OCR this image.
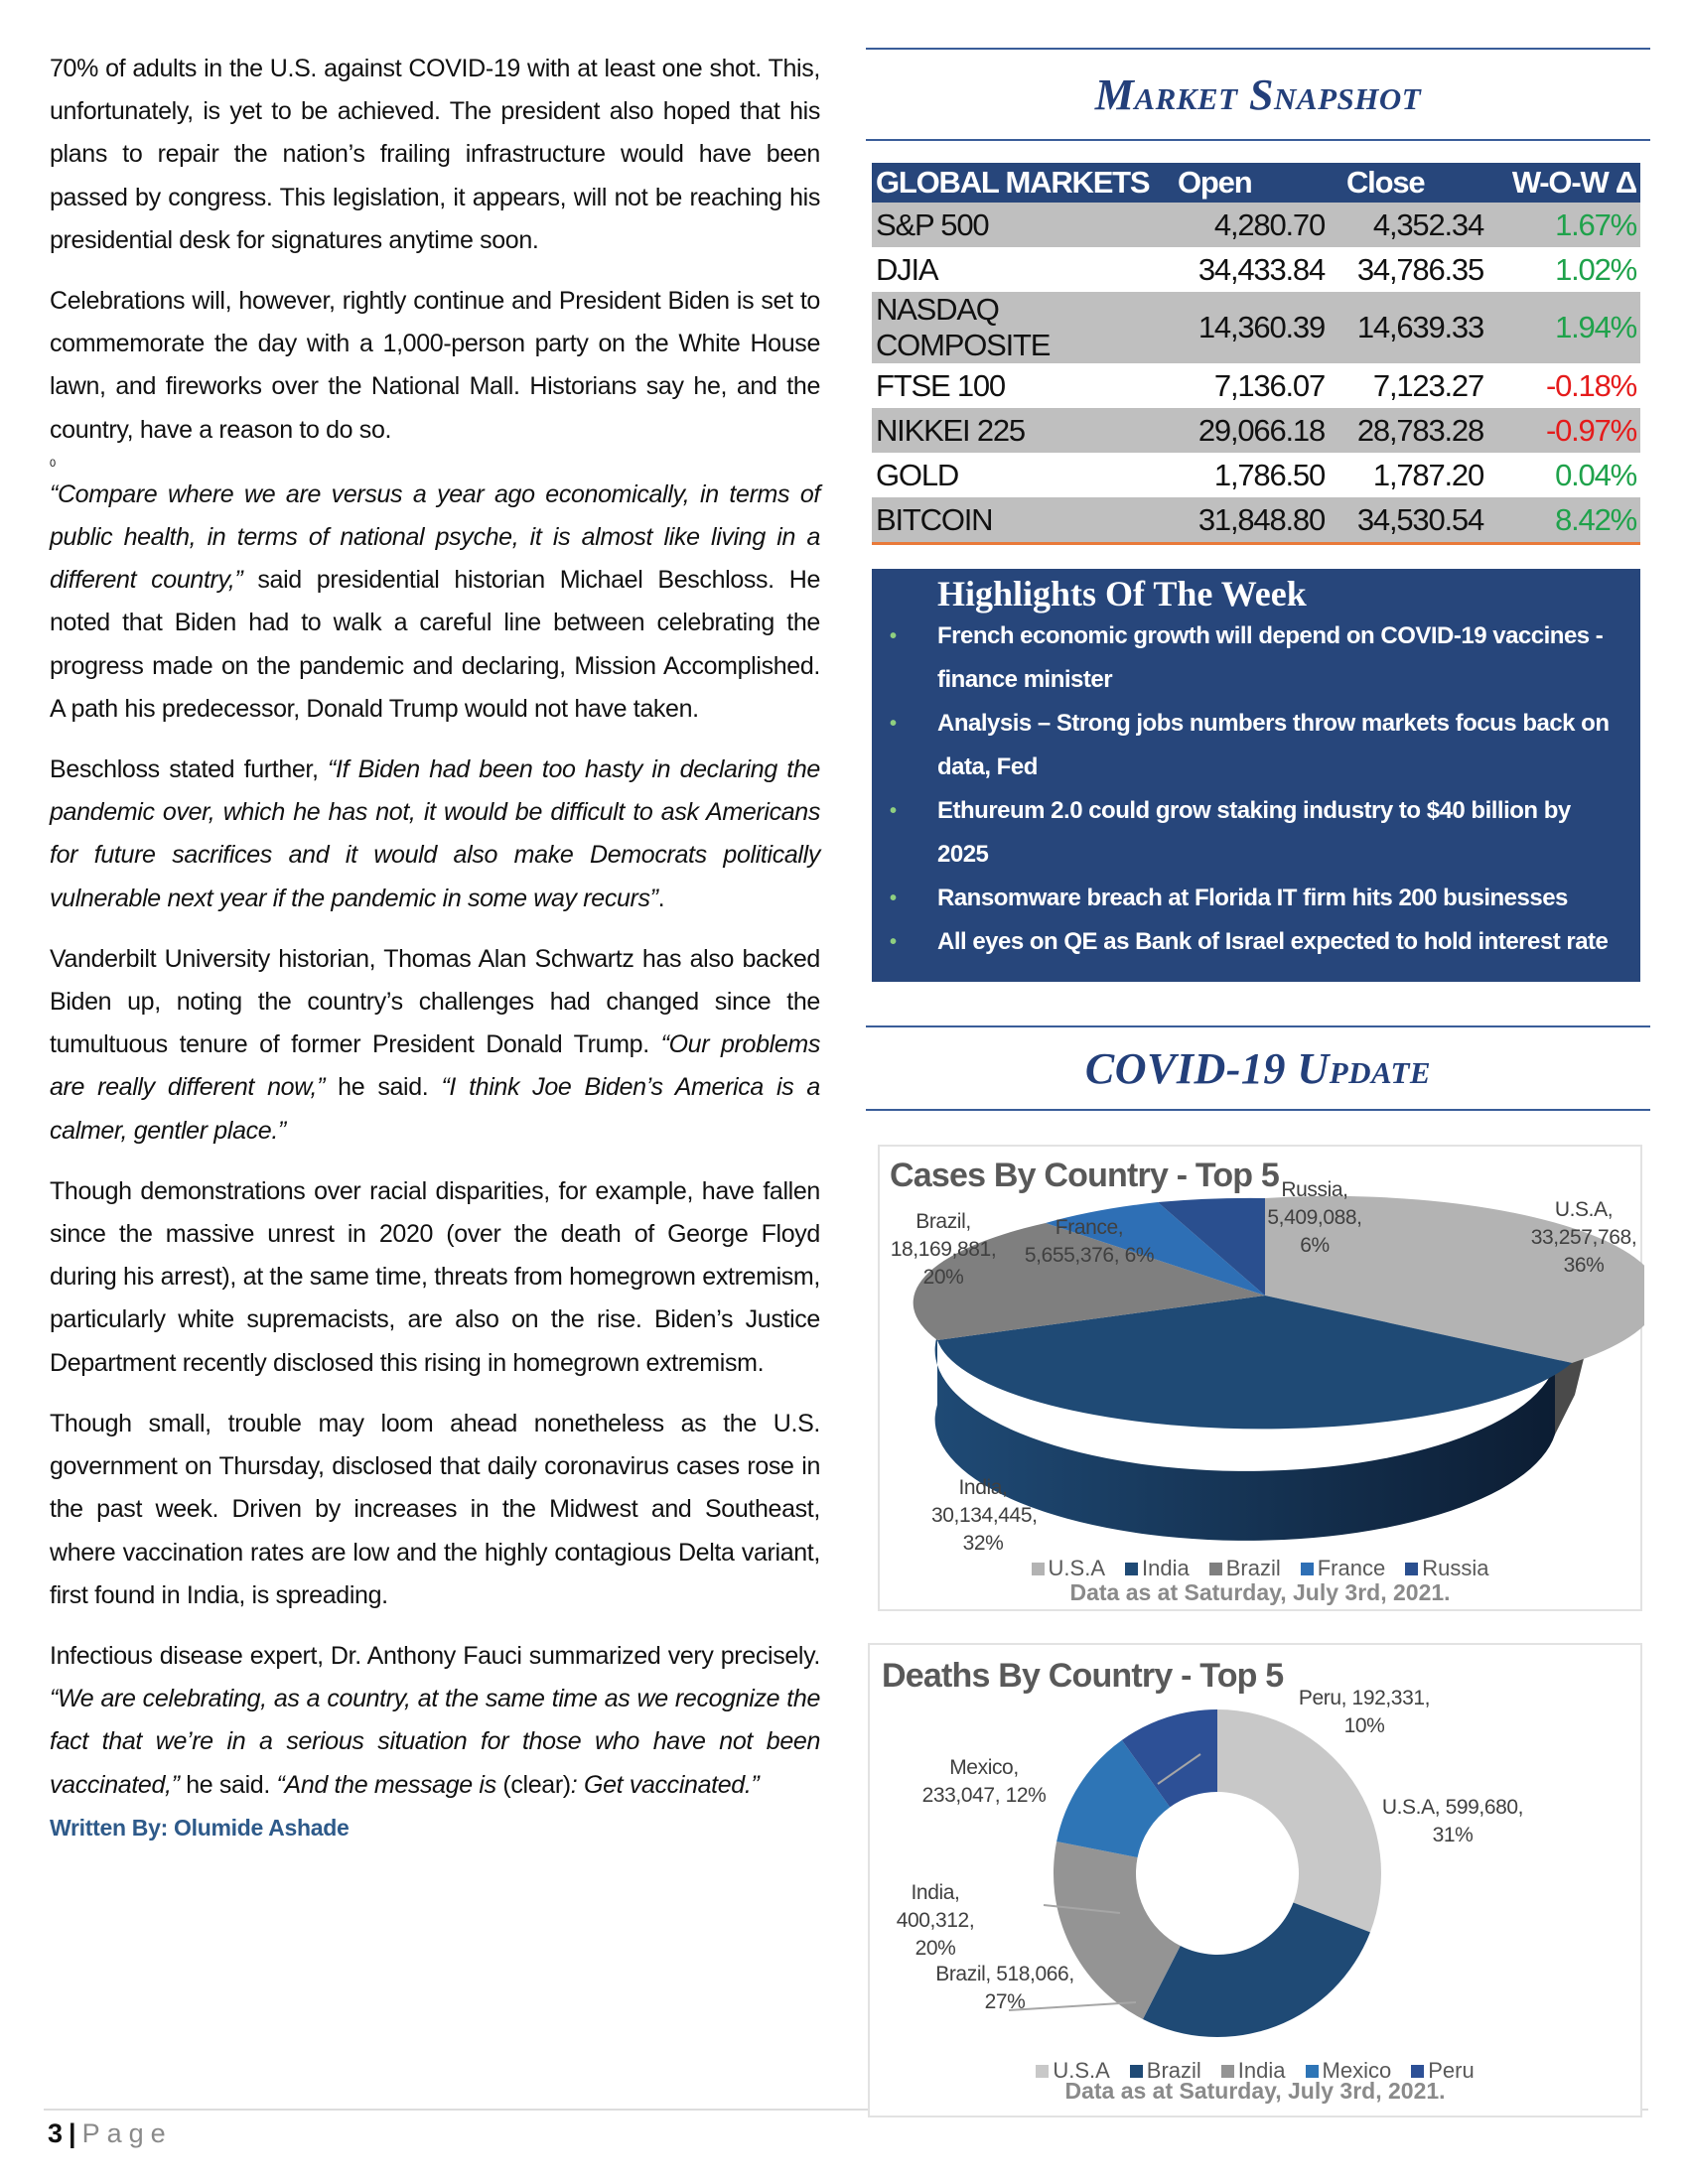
70% of adults in the U.S. against COVID-19 with at least one shot. This, unfortunately, is yet to be achieved. The president also hoped that his plans to repair the nation’s frailing infrastructure would have been passed by congress. This legislation, it appears, will not be reaching his presidential desk for signatures anytime soon.

Celebrations will, however, rightly continue and President Biden is set to commemorate the day with a 1,000-person party on the White House lawn, and fireworks over the National Mall. Historians say he, and the country, have a reason to do so.

0

“Compare where we are versus a year ago economically, in terms of public health, in terms of national psyche, it is almost like living in a different country,” said presidential historian Michael Beschloss. He noted that Biden had to walk a careful line between celebrating the progress made on the pandemic and declaring, Mission Accomplished. A path his predecessor, Donald Trump would not have taken.

Beschloss stated further, “If Biden had been too hasty in declaring the pandemic over, which he has not, it would be difficult to ask Americans for future sacrifices and it would also make Democrats politically vulnerable next year if the pandemic in some way recurs”.

Vanderbilt University historian, Thomas Alan Schwartz has also backed Biden up, noting the country’s challenges had changed since the tumultuous tenure of former President Donald Trump. “Our problems are really different now,” he said. “I think Joe Biden’s America is a calmer, gentler place.”

Though demonstrations over racial disparities, for example, have fallen since the massive unrest in 2020 (over the death of George Floyd during his arrest), at the same time, threats from homegrown extremism, particularly white supremacists, are also on the rise. Biden’s Justice Department recently disclosed this rising in homegrown extremism.

Though small, trouble may loom ahead nonetheless as the U.S. government on Thursday, disclosed that daily coronavirus cases rose in the past week. Driven by increases in the Midwest and Southeast, where vaccination rates are low and the highly contagious Delta variant, first found in India, is spreading.

Infectious disease expert, Dr. Anthony Fauci summarized very precisely. “We are celebrating, as a country, at the same time as we recognize the fact that we’re in a serious situation for those who have not been vaccinated,” he said. “And the message is (clear): Get vaccinated.”

Written By: Olumide Ashade
3 | Page
Market Snapshot
GLOBAL MARKETS	Open	Close	W-O-W Δ
S&P 500	4,280.70	4,352.34	1.67%
DJIA	34,433.84	34,786.35	1.02%
NASDAQ COMPOSITE	14,360.39	14,639.33	1.94%
FTSE 100	7,136.07	7,123.27	-0.18%
NIKKEI 225	29,066.18	28,783.28	-0.97%
GOLD	1,786.50	1,787.20	0.04%
BITCOIN	31,848.80	34,530.54	8.42%
Highlights Of The Week
•	French economic growth will depend on COVID-19 vaccines -finance minister
•	Analysis – Strong jobs numbers throw markets focus back on data, Fed
•	Ethureum 2.0 could grow staking industry to $40 billion by 2025
•	Ransomware breach at Florida IT firm hits 200 businesses
•	All eyes on QE as Bank of Israel expected to hold interest rate
COVID-19 Update
Cases By Country - Top 5
Brazil, 18,169,881, 20%
France, 5,655,376, 6%
Russia, 5,409,088, 6%
U.S.A, 33,257,768, 36%
India, 30,134,445, 32%
U.S.A India Brazil France Russia
Data as at Saturday, July 3rd, 2021.
Deaths By Country - Top 5
Peru, 192,331, 10%
Mexico, 233,047, 12%
U.S.A, 599,680, 31%
India, 400,312, 20%
Brazil, 518,066, 27%
U.S.A Brazil India Mexico Peru
Data as at Saturday, July 3rd, 2021.
